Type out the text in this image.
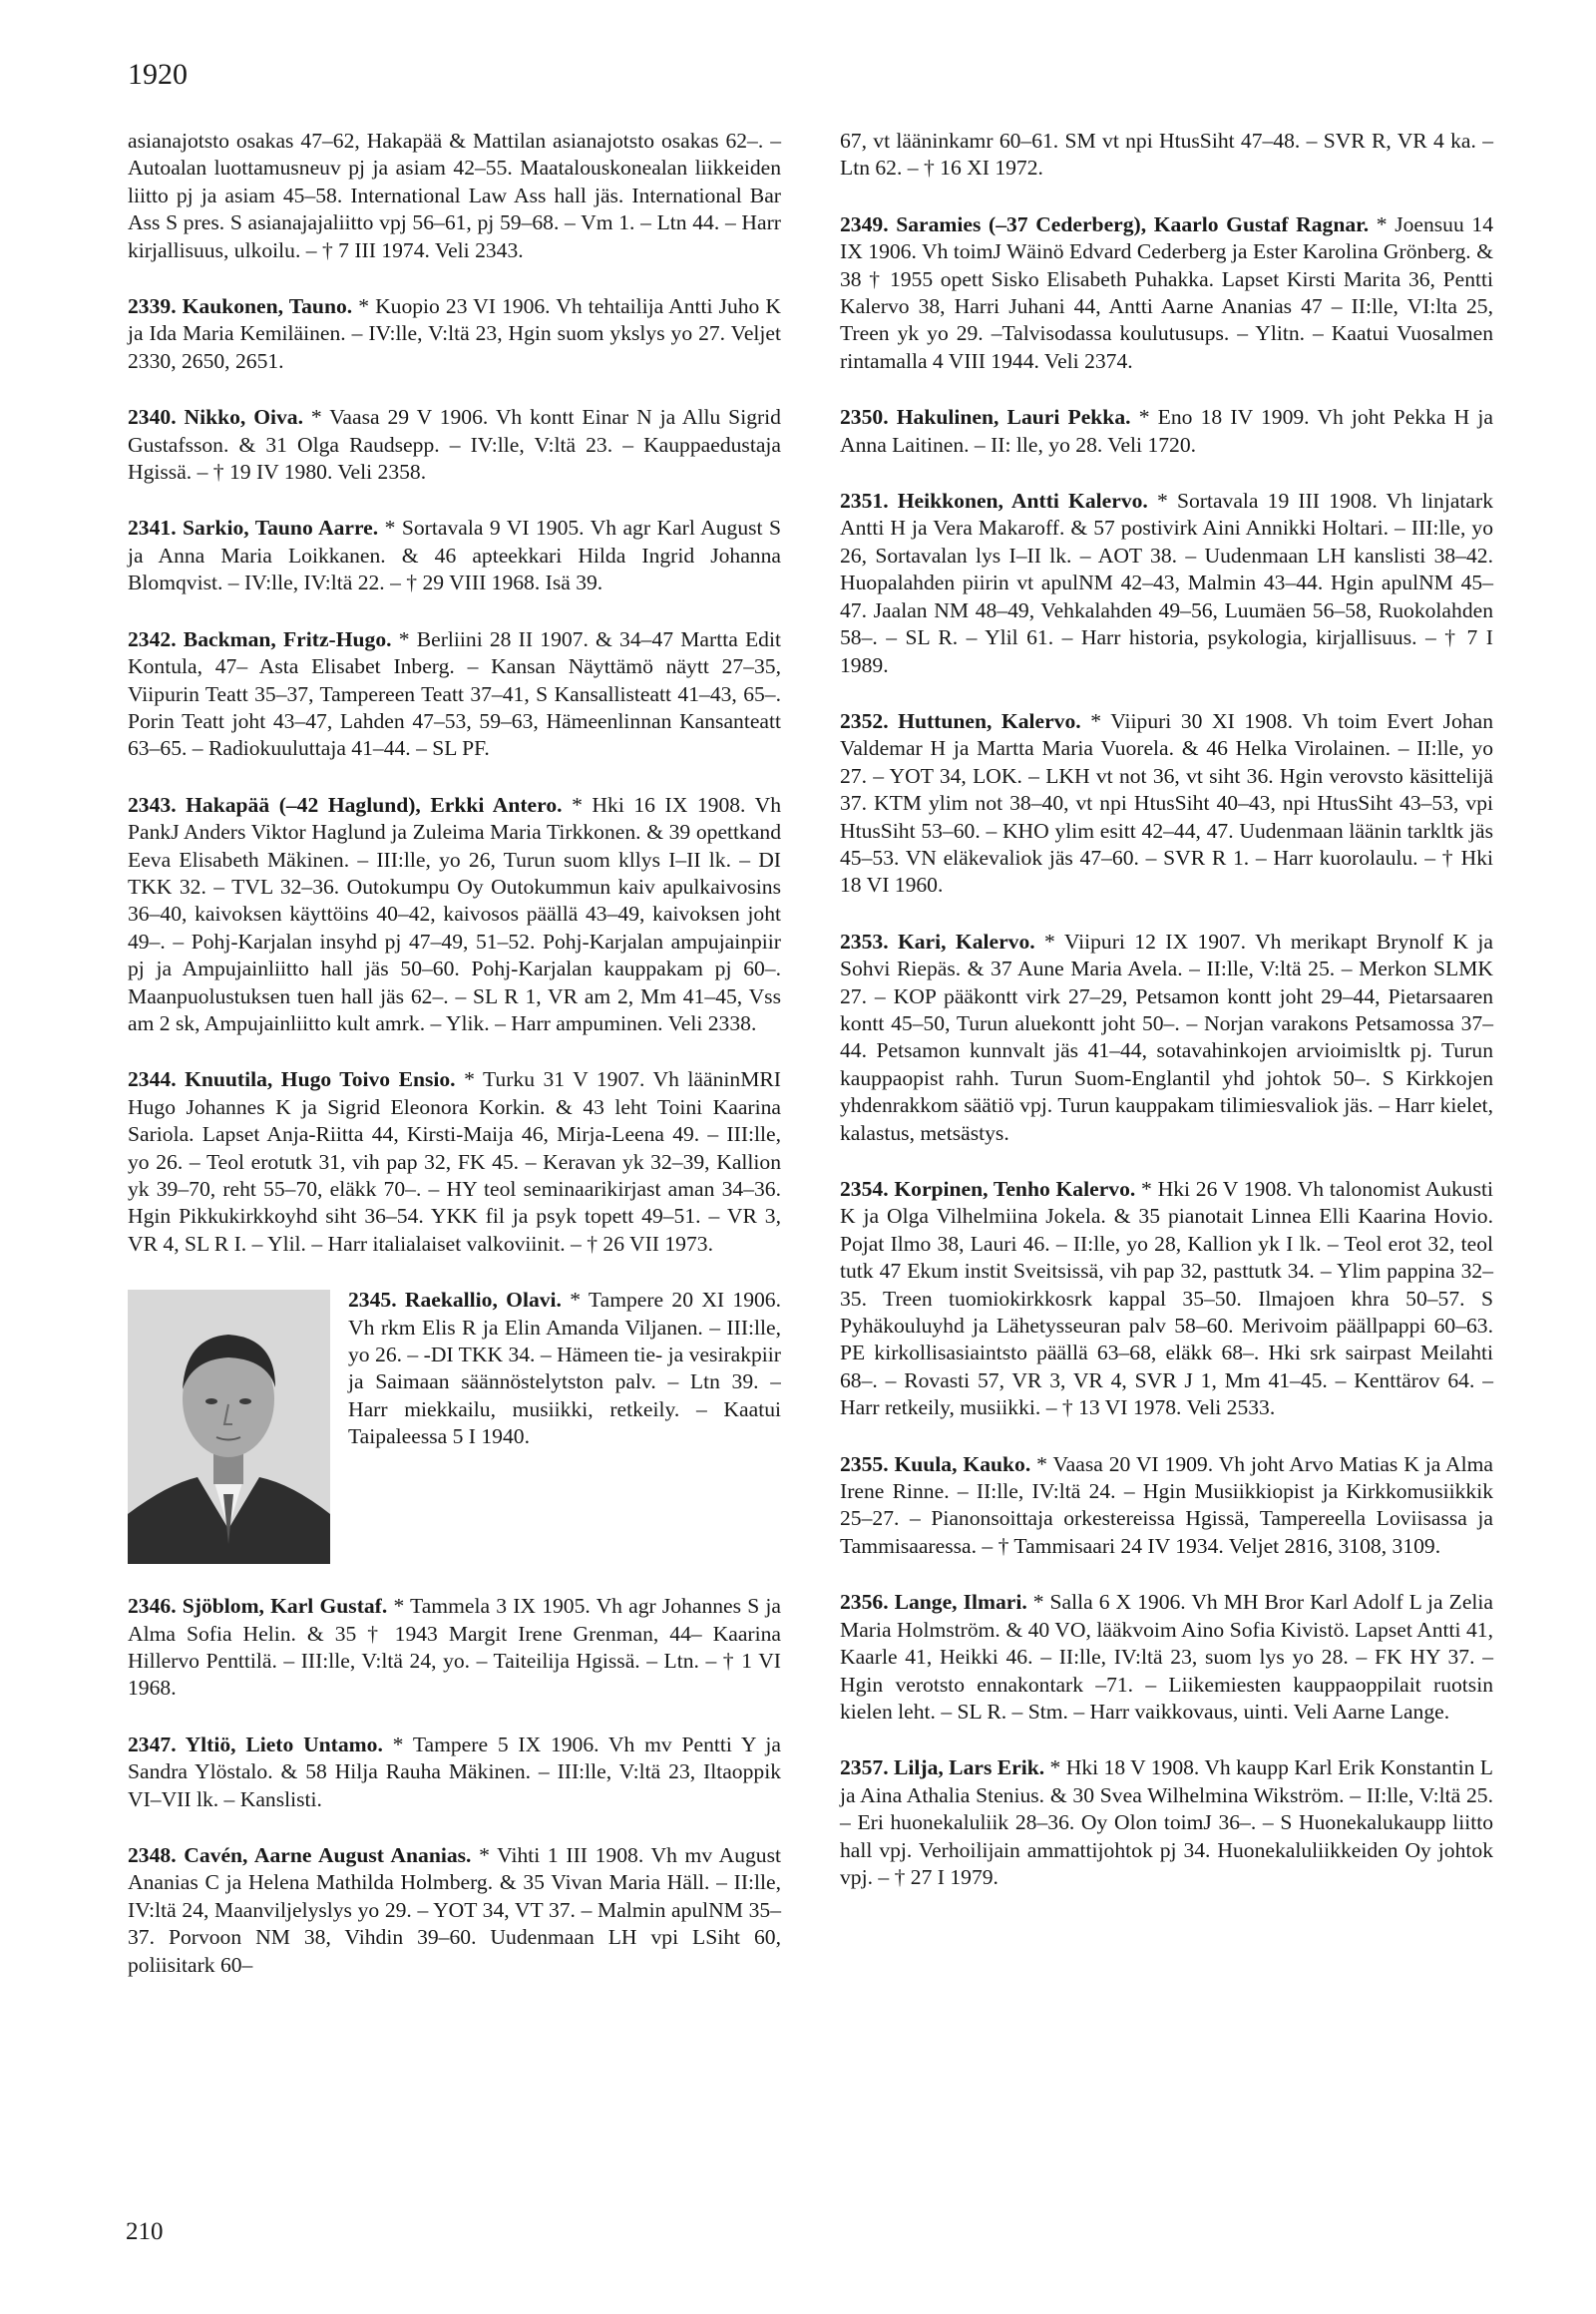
1920
asianajotsto osakas 47–62, Hakapää & Mattilan asianajotsto osakas 62–. – Autoalan luottamusneuv pj ja asiam 42–55. Maatalouskonealan liikkeiden liitto pj ja asiam 45–58. International Law Ass hall jäs. International Bar Ass S pres. S asianajajaliitto vpj 56–61, pj 59–68. – Vm 1. – Ltn 44. – Harr kirjallisuus, ulkoilu. – † 7 III 1974. Veli 2343.
2339. Kaukonen, Tauno. * Kuopio 23 VI 1906. Vh tehtailija Antti Juho K ja Ida Maria Kemiläinen. – IV:lle, V:ltä 23, Hgin suom ykslys yo 27. Veljet 2330, 2650, 2651.
2340. Nikko, Oiva. * Vaasa 29 V 1906. Vh kontt Einar N ja Allu Sigrid Gustafsson. & 31 Olga Raudsepp. – IV:lle, V:ltä 23. – Kauppaedustaja Hgissä. – † 19 IV 1980. Veli 2358.
2341. Sarkio, Tauno Aarre. * Sortavala 9 VI 1905. Vh agr Karl August S ja Anna Maria Loikkanen. & 46 apteekkari Hilda Ingrid Johanna Blomqvist. – IV:lle, IV:ltä 22. – † 29 VIII 1968. Isä 39.
2342. Backman, Fritz-Hugo. * Berliini 28 II 1907. & 34–47 Martta Edit Kontula, 47– Asta Elisabet Inberg. – Kansan Näyttämö näytt 27–35, Viipurin Teatt 35–37, Tampereen Teatt 37–41, S Kansallisteatt 41–43, 65–. Porin Teatt joht 43–47, Lahden 47–53, 59–63, Hämeenlinnan Kansanteatt 63–65. – Radiokuuluttaja 41–44. – SL PF.
2343. Hakapää (–42 Haglund), Erkki Antero. * Hki 16 IX 1908. Vh PankJ Anders Viktor Haglund ja Zuleima Maria Tirkkonen. & 39 opettkand Eeva Elisabeth Mäkinen. – III:lle, yo 26, Turun suom kllys I–II lk. – DI TKK 32. – TVL 32–36. Outokumpu Oy Outokummun kaiv apulkaivosins 36–40, kaivoksen käyttöins 40–42, kaivosos päällä 43–49, kaivoksen joht 49–. – Pohj-Karjalan insyhd pj 47–49, 51–52. Pohj-Karjalan ampujainpiir pj ja Ampujainliitto hall jäs 50–60. Pohj-Karjalan kauppakam pj 60–. Maanpuolustuksen tuen hall jäs 62–. – SL R 1, VR am 2, Mm 41–45, Vss am 2 sk, Ampujainliitto kult amrk. – Ylik. – Harr ampuminen. Veli 2338.
2344. Knuutila, Hugo Toivo Ensio. * Turku 31 V 1907. Vh lääninMRI Hugo Johannes K ja Sigrid Eleonora Korkin. & 43 leht Toini Kaarina Sariola. Lapset Anja-Riitta 44, Kirsti-Maija 46, Mirja-Leena 49. – III:lle, yo 26. – Teol erotutk 31, vih pap 32, FK 45. – Keravan yk 32–39, Kallion yk 39–70, reht 55–70, eläkk 70–. – HY teol seminaarikirjast aman 34–36. Hgin Pikkukirkkoyhd siht 36–54. YKK fil ja psyk topett 49–51. – VR 3, VR 4, SL R I. – Ylil. – Harr italialaiset valkoviinit. – † 26 VII 1973.
2345. Raekallio, Olavi. * Tampere 20 XI 1906. Vh rkm Elis R ja Elin Amanda Viljanen. – III:lle, yo 26. – -DI TKK 34. – Hämeen tie- ja vesirakpiir ja Saimaan säännöstelytston palv. – Ltn 39. – Harr miekkailu, musiikki, retkeily. – Kaatui Taipaleessa 5 I 1940.
2346. Sjöblom, Karl Gustaf. * Tammela 3 IX 1905. Vh agr Johannes S ja Alma Sofia Helin. & 35 † 1943 Margit Irene Grenman, 44– Kaarina Hillervo Penttilä. – III:lle, V:ltä 24, yo. – Taiteilija Hgissä. – Ltn. – † 1 VI 1968.
2347. Yltiö, Lieto Untamo. * Tampere 5 IX 1906. Vh mv Pentti Y ja Sandra Ylöstalo. & 58 Hilja Rauha Mäkinen. – III:lle, V:ltä 23, Iltaoppik VI–VII lk. – Kanslisti.
2348. Cavén, Aarne August Ananias. * Vihti 1 III 1908. Vh mv August Ananias C ja Helena Mathilda Holmberg. & 35 Vivan Maria Häll. – II:lle, IV:ltä 24, Maanviljelyslys yo 29. – YOT 34, VT 37. – Malmin apulNM 35–37. Porvoon NM 38, Vihdin 39–60. Uudenmaan LH vpi LSiht 60, poliisitark 60–
67, vt lääninkamr 60–61. SM vt npi HtusSiht 47–48. – SVR R, VR 4 ka. – Ltn 62. – † 16 XI 1972.
2349. Saramies (–37 Cederberg), Kaarlo Gustaf Ragnar. * Joensuu 14 IX 1906. Vh toimJ Wäinö Edvard Cederberg ja Ester Karolina Grönberg. & 38 † 1955 opett Sisko Elisabeth Puhakka. Lapset Kirsti Marita 36, Pentti Kalervo 38, Harri Juhani 44, Antti Aarne Ananias 47 – II:lle, VI:lta 25, Treen yk yo 29. –Talvisodassa koulutusups. – Ylitn. – Kaatui Vuosalmen rintamalla 4 VIII 1944. Veli 2374.
2350. Hakulinen, Lauri Pekka. * Eno 18 IV 1909. Vh joht Pekka H ja Anna Laitinen. – II: lle, yo 28. Veli 1720.
2351. Heikkonen, Antti Kalervo. * Sortavala 19 III 1908. Vh linjatark Antti H ja Vera Makaroff. & 57 postivirk Aini Annikki Holtari. – III:lle, yo 26, Sortavalan lys I–II lk. – AOT 38. – Uudenmaan LH kanslisti 38–42. Huopalahden piirin vt apulNM 42–43, Malmin 43–44. Hgin apulNM 45–47. Jaalan NM 48–49, Vehkalahden 49–56, Luumäen 56–58, Ruokolahden 58–. – SL R. – Ylil 61. – Harr historia, psykologia, kirjallisuus. – † 7 I 1989.
2352. Huttunen, Kalervo. * Viipuri 30 XI 1908. Vh toim Evert Johan Valdemar H ja Martta Maria Vuorela. & 46 Helka Virolainen. – II:lle, yo 27. – YOT 34, LOK. – LKH vt not 36, vt siht 36. Hgin verovsto käsittelijä 37. KTM ylim not 38–40, vt npi HtusSiht 40–43, npi HtusSiht 43–53, vpi HtusSiht 53–60. – KHO ylim esitt 42–44, 47. Uudenmaan läänin tarkltk jäs 45–53. VN eläkevaliok jäs 47–60. – SVR R 1. – Harr kuorolaulu. – † Hki 18 VI 1960.
2353. Kari, Kalervo. * Viipuri 12 IX 1907. Vh merikapt Brynolf K ja Sohvi Riepäs. & 37 Aune Maria Avela. – II:lle, V:ltä 25. – Merkon SLMK 27. – KOP pääkontt virk 27–29, Petsamon kontt joht 29–44, Pietarsaaren kontt 45–50, Turun aluekontt joht 50–. – Norjan varakons Petsamossa 37–44. Petsamon kunnvalt jäs 41–44, sotavahinkojen arvioimisltk pj. Turun kauppaopist rahh. Turun Suom-Englantil yhd johtok 50–. S Kirkkojen yhdenrakkom säätiö vpj. Turun kauppakam tilimiesvaliok jäs. – Harr kielet, kalastus, metsästys.
2354. Korpinen, Tenho Kalervo. * Hki 26 V 1908. Vh talonomist Aukusti K ja Olga Vilhelmiina Jokela. & 35 pianotait Linnea Elli Kaarina Hovio. Pojat Ilmo 38, Lauri 46. – II:lle, yo 28, Kallion yk I lk. – Teol erot 32, teol tutk 47 Ekum instit Sveitsissä, vih pap 32, pasttutk 34. – Ylim pappina 32–35. Treen tuomiokirkkosrk kappal 35–50. Ilmajoen khra 50–57. S Pyhäkouluyhd ja Lähetysseuran palv 58–60. Merivoim päällpappi 60–63. PE kirkollisasiaintsto päällä 63–68, eläkk 68–. Hki srk sairpast Meilahti 68–. – Rovasti 57, VR 3, VR 4, SVR J 1, Mm 41–45. – Kenttärov 64. – Harr retkeily, musiikki. – † 13 VI 1978. Veli 2533.
2355. Kuula, Kauko. * Vaasa 20 VI 1909. Vh joht Arvo Matias K ja Alma Irene Rinne. – II:lle, IV:ltä 24. – Hgin Musiikkiopist ja Kirkkomusiikkik 25–27. – Pianonsoittaja orkestereissa Hgissä, Tampereella Loviisassa ja Tammisaaressa. – † Tammisaari 24 IV 1934. Veljet 2816, 3108, 3109.
2356. Lange, Ilmari. * Salla 6 X 1906. Vh MH Bror Karl Adolf L ja Zelia Maria Holmström. & 40 VO, lääkvoim Aino Sofia Kivistö. Lapset Antti 41, Kaarle 41, Heikki 46. – II:lle, IV:ltä 23, suom lys yo 28. – FK HY 37. – Hgin verotsto ennakontark –71. – Liikemiesten kauppaoppilait ruotsin kielen leht. – SL R. – Stm. – Harr vaikkovaus, uinti. Veli Aarne Lange.
2357. Lilja, Lars Erik. * Hki 18 V 1908. Vh kaupp Karl Erik Konstantin L ja Aina Athalia Stenius. & 30 Svea Wilhelmina Wikström. – II:lle, V:ltä 25. – Eri huonekaluliik 28–36. Oy Olon toimJ 36–. – S Huonekalukaupp liitto hall vpj. Verhoilijain ammattijohtok pj 34. Huonekaluliikkeiden Oy johtok vpj. – † 27 I 1979.
210
